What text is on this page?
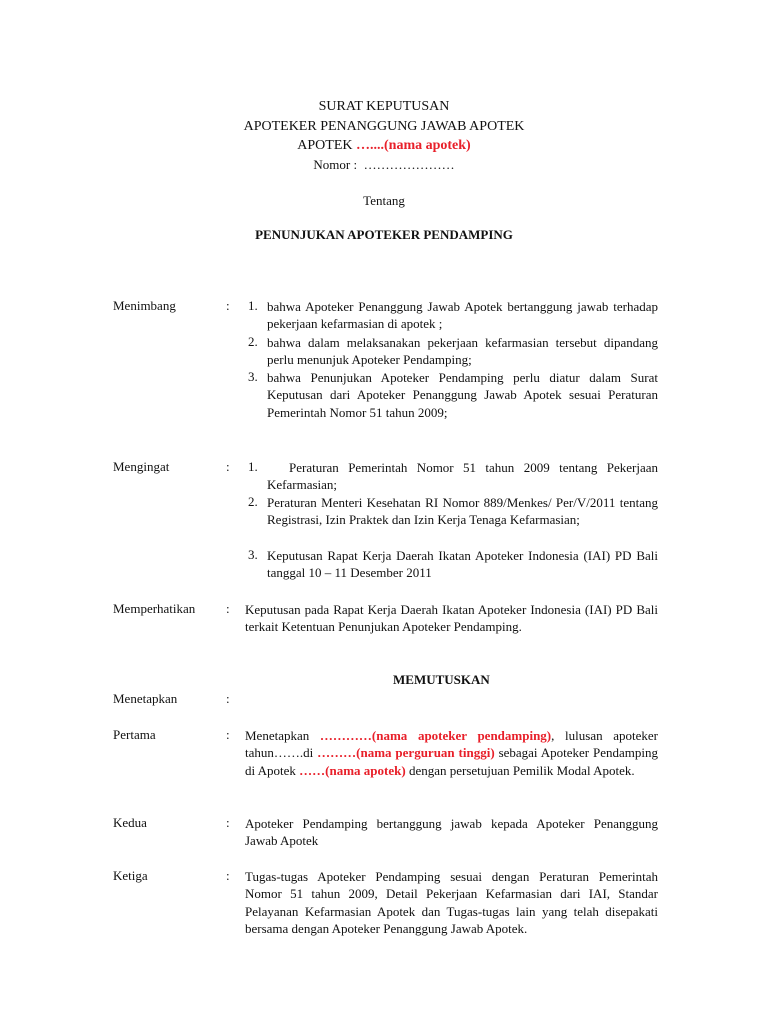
SURAT KEPUTUSAN
APOTEKER PENANGGUNG JAWAB APOTEK
APOTEK …....(nama apotek)
Nomor : …………………
Tentang
PENUNJUKAN APOTEKER PENDAMPING
Menimbang	: 1. bahwa Apoteker Penanggung Jawab Apotek bertanggung jawab terhadap pekerjaan kefarmasian di apotek ;
2. bahwa dalam melaksanakan pekerjaan kefarmasian tersebut dipandang perlu menunjuk Apoteker Pendamping;
3. bahwa Penunjukan Apoteker Pendamping perlu diatur dalam Surat Keputusan dari Apoteker Penanggung Jawab Apotek sesuai Peraturan Pemerintah Nomor 51 tahun 2009;
Mengingat	: 1.	Peraturan Pemerintah Nomor 51 tahun 2009 tentang Pekerjaan Kefarmasian;
2. Peraturan Menteri Kesehatan RI Nomor 889/Menkes/ Per/V/2011 tentang Registrasi, Izin Praktek dan Izin Kerja Tenaga Kefarmasian;
3. Keputusan Rapat Kerja Daerah Ikatan Apoteker Indonesia (IAI) PD Bali tanggal 10 – 11 Desember 2011
Memperhatikan : Keputusan pada Rapat Kerja Daerah Ikatan Apoteker Indonesia (IAI) PD Bali terkait Ketentuan Penunjukan Apoteker Pendamping.
MEMUTUSKAN
Menetapkan	:
Pertama	: Menetapkan …………(nama apoteker pendamping), lulusan apoteker tahun…….di ………(nama perguruan tinggi) sebagai Apoteker Pendamping di Apotek ……(nama apotek) dengan persetujuan Pemilik Modal Apotek.
Kedua	: Apoteker Pendamping bertanggung jawab kepada Apoteker Penanggung Jawab Apotek
Ketiga	: Tugas-tugas Apoteker Pendamping sesuai dengan Peraturan Pemerintah Nomor 51 tahun 2009, Detail Pekerjaan Kefarmasian dari IAI, Standar Pelayanan Kefarmasian Apotek dan Tugas-tugas lain yang telah disepakati bersama dengan Apoteker Penanggung Jawab Apotek.
